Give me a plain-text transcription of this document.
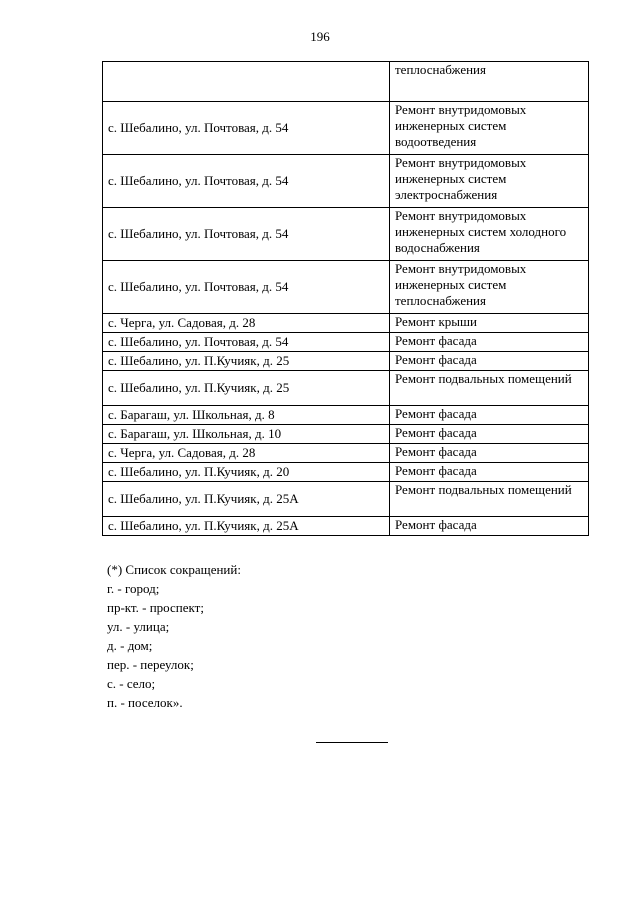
196
	теплоснабжения
с. Шебалино, ул. Почтовая, д. 54	Ремонт внутридомовых инженерных систем водоотведения
с. Шебалино, ул. Почтовая, д. 54	Ремонт внутридомовых инженерных систем электроснабжения
с. Шебалино, ул. Почтовая, д. 54	Ремонт внутридомовых инженерных систем холодного водоснабжения
с. Шебалино, ул. Почтовая, д. 54	Ремонт внутридомовых инженерных систем теплоснабжения
с. Черга, ул. Садовая, д. 28	Ремонт крыши
с. Шебалино, ул. Почтовая, д. 54	Ремонт фасада
с. Шебалино, ул. П.Кучияк, д. 25	Ремонт фасада
с. Шебалино, ул. П.Кучияк, д. 25	Ремонт подвальных помещений
с. Барагаш, ул. Школьная, д. 8	Ремонт фасада
с. Барагаш, ул. Школьная, д. 10	Ремонт фасада
с. Черга, ул. Садовая, д. 28	Ремонт фасада
с. Шебалино, ул. П.Кучияк, д. 20	Ремонт фасада
с. Шебалино, ул. П.Кучияк, д. 25А	Ремонт подвальных помещений
с. Шебалино, ул. П.Кучияк, д. 25А	Ремонт фасада
(*) Список сокращений:
г. - город;
пр-кт. - проспект;
ул. - улица;
д. - дом;
пер. - переулок;
с. - село;
п. - поселок».
